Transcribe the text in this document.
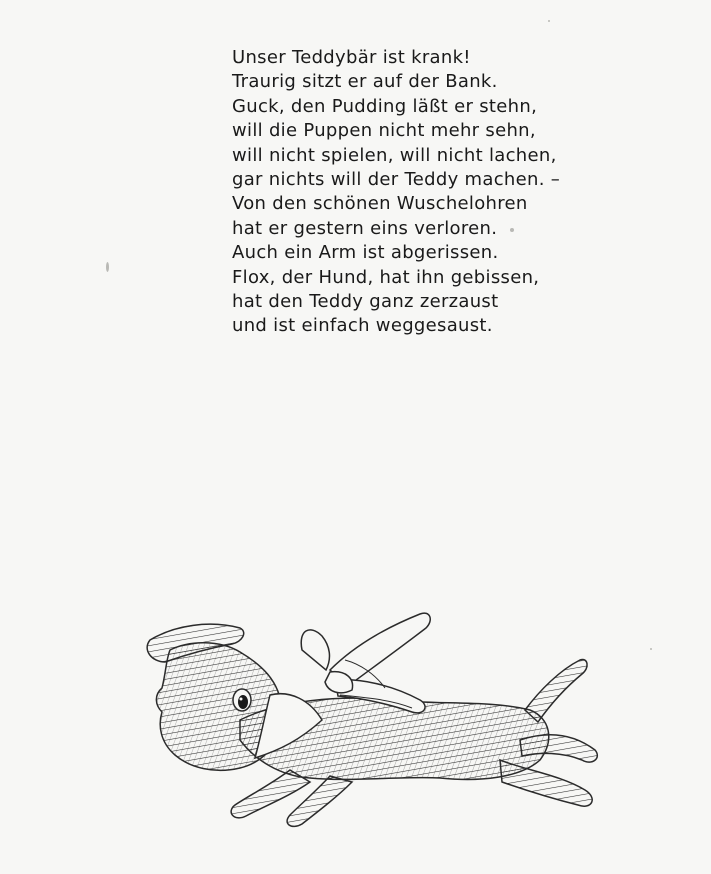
Unser Teddybär ist krank!
Traurig sitzt er auf der Bank.
Guck, den Pudding läßt er stehn,
will die Puppen nicht mehr sehn,
will nicht spielen, will nicht lachen,
gar nichts will der Teddy machen. –
Von den schönen Wuschelohren
hat er gestern eins verloren.
Auch ein Arm ist abgerissen.
Flox, der Hund, hat ihn gebissen,
hat den Teddy ganz zerzaust
und ist einfach weggesaust.
